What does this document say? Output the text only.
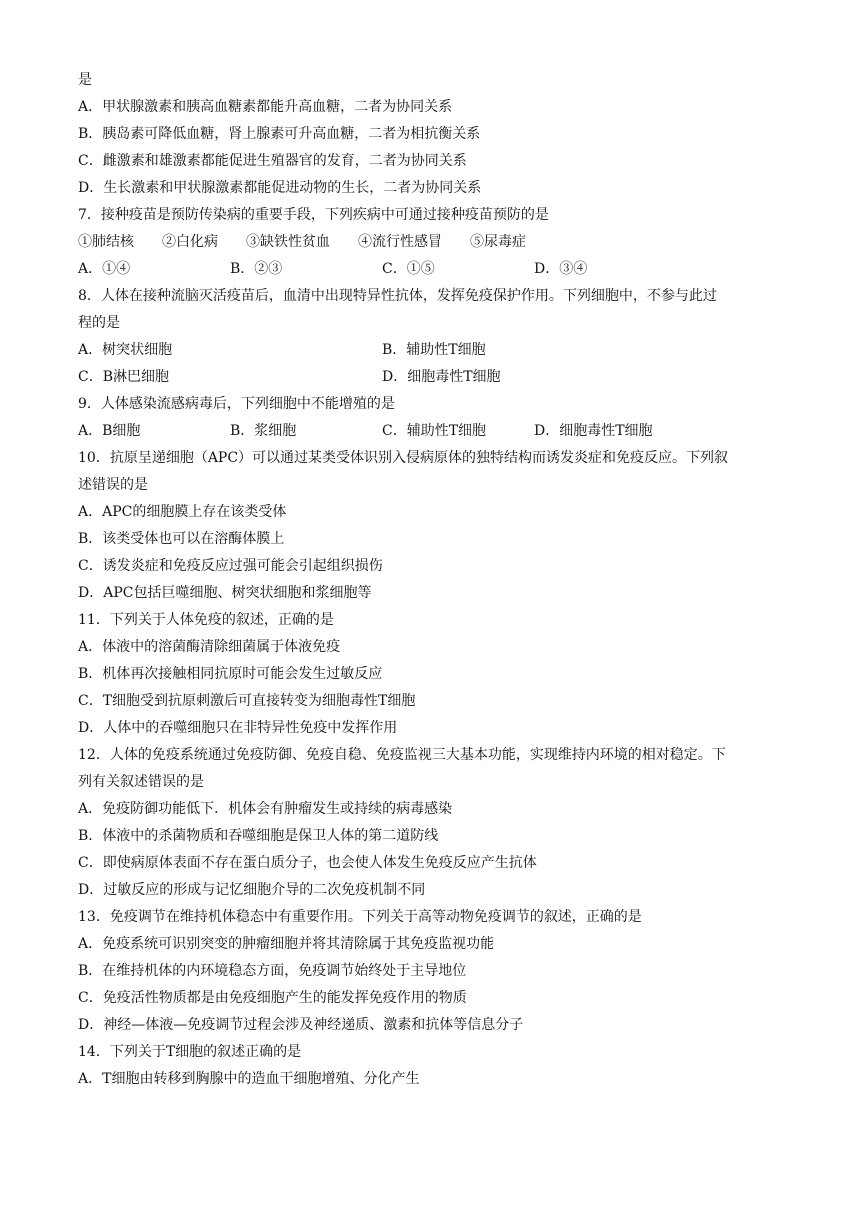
是
A．甲状腺激素和胰高血糖素都能升高血糖，二者为协同关系
B．胰岛素可降低血糖，肾上腺素可升高血糖，二者为相抗衡关系
C．雌激素和雄激素都能促进生殖器官的发育，二者为协同关系
D．生长激素和甲状腺激素都能促进动物的生长，二者为协同关系
7．接种疫苗是预防传染病的重要手段，下列疾病中可通过接种疫苗预防的是
①肺结核　　②白化病　　③缺铁性贫血　　④流行性感冒　　⑤尿毒症
A．①④	B．②③	C．①⑤	D．③④
8．人体在接种流脑灭活疫苗后，血清中出现特异性抗体，发挥免疫保护作用。下列细胞中，不参与此过
程的是
A．树突状细胞	B．辅助性T细胞
C．B淋巴细胞	D．细胞毒性T细胞
9．人体感染流感病毒后，下列细胞中不能增殖的是
A．B细胞	B．浆细胞	C．辅助性T细胞	D．细胞毒性T细胞
10．抗原呈递细胞（APC）可以通过某类受体识别入侵病原体的独特结构而诱发炎症和免疫反应。下列叙
述错误的是
A．APC的细胞膜上存在该类受体
B．该类受体也可以在溶酶体膜上
C．诱发炎症和免疫反应过强可能会引起组织损伤
D．APC包括巨噬细胞、树突状细胞和浆细胞等
11．下列关于人体免疫的叙述，正确的是
A．体液中的溶菌酶清除细菌属于体液免疫
B．机体再次接触相同抗原时可能会发生过敏反应
C．T细胞受到抗原刺激后可直接转变为细胞毒性T细胞
D．人体中的吞噬细胞只在非特异性免疫中发挥作用
12．人体的免疫系统通过免疫防御、免疫自稳、免疫监视三大基本功能，实现维持内环境的相对稳定。下
列有关叙述错误的是
A．免疫防御功能低下．机体会有肿瘤发生或持续的病毒感染
B．体液中的杀菌物质和吞噬细胞是保卫人体的第二道防线
C．即使病原体表面不存在蛋白质分子，也会使人体发生免疫反应产生抗体
D．过敏反应的形成与记忆细胞介导的二次免疫机制不同
13．免疫调节在维持机体稳态中有重要作用。下列关于高等动物免疫调节的叙述，正确的是
A．免疫系统可识别突变的肿瘤细胞并将其清除属于其免疫监视功能
B．在维持机体的内环境稳态方面，免疫调节始终处于主导地位
C．免疫活性物质都是由免疫细胞产生的能发挥免疫作用的物质
D．神经—体液—免疫调节过程会涉及神经递质、激素和抗体等信息分子
14．下列关于T细胞的叙述正确的是
A．T细胞由转移到胸腺中的造血干细胞增殖、分化产生
